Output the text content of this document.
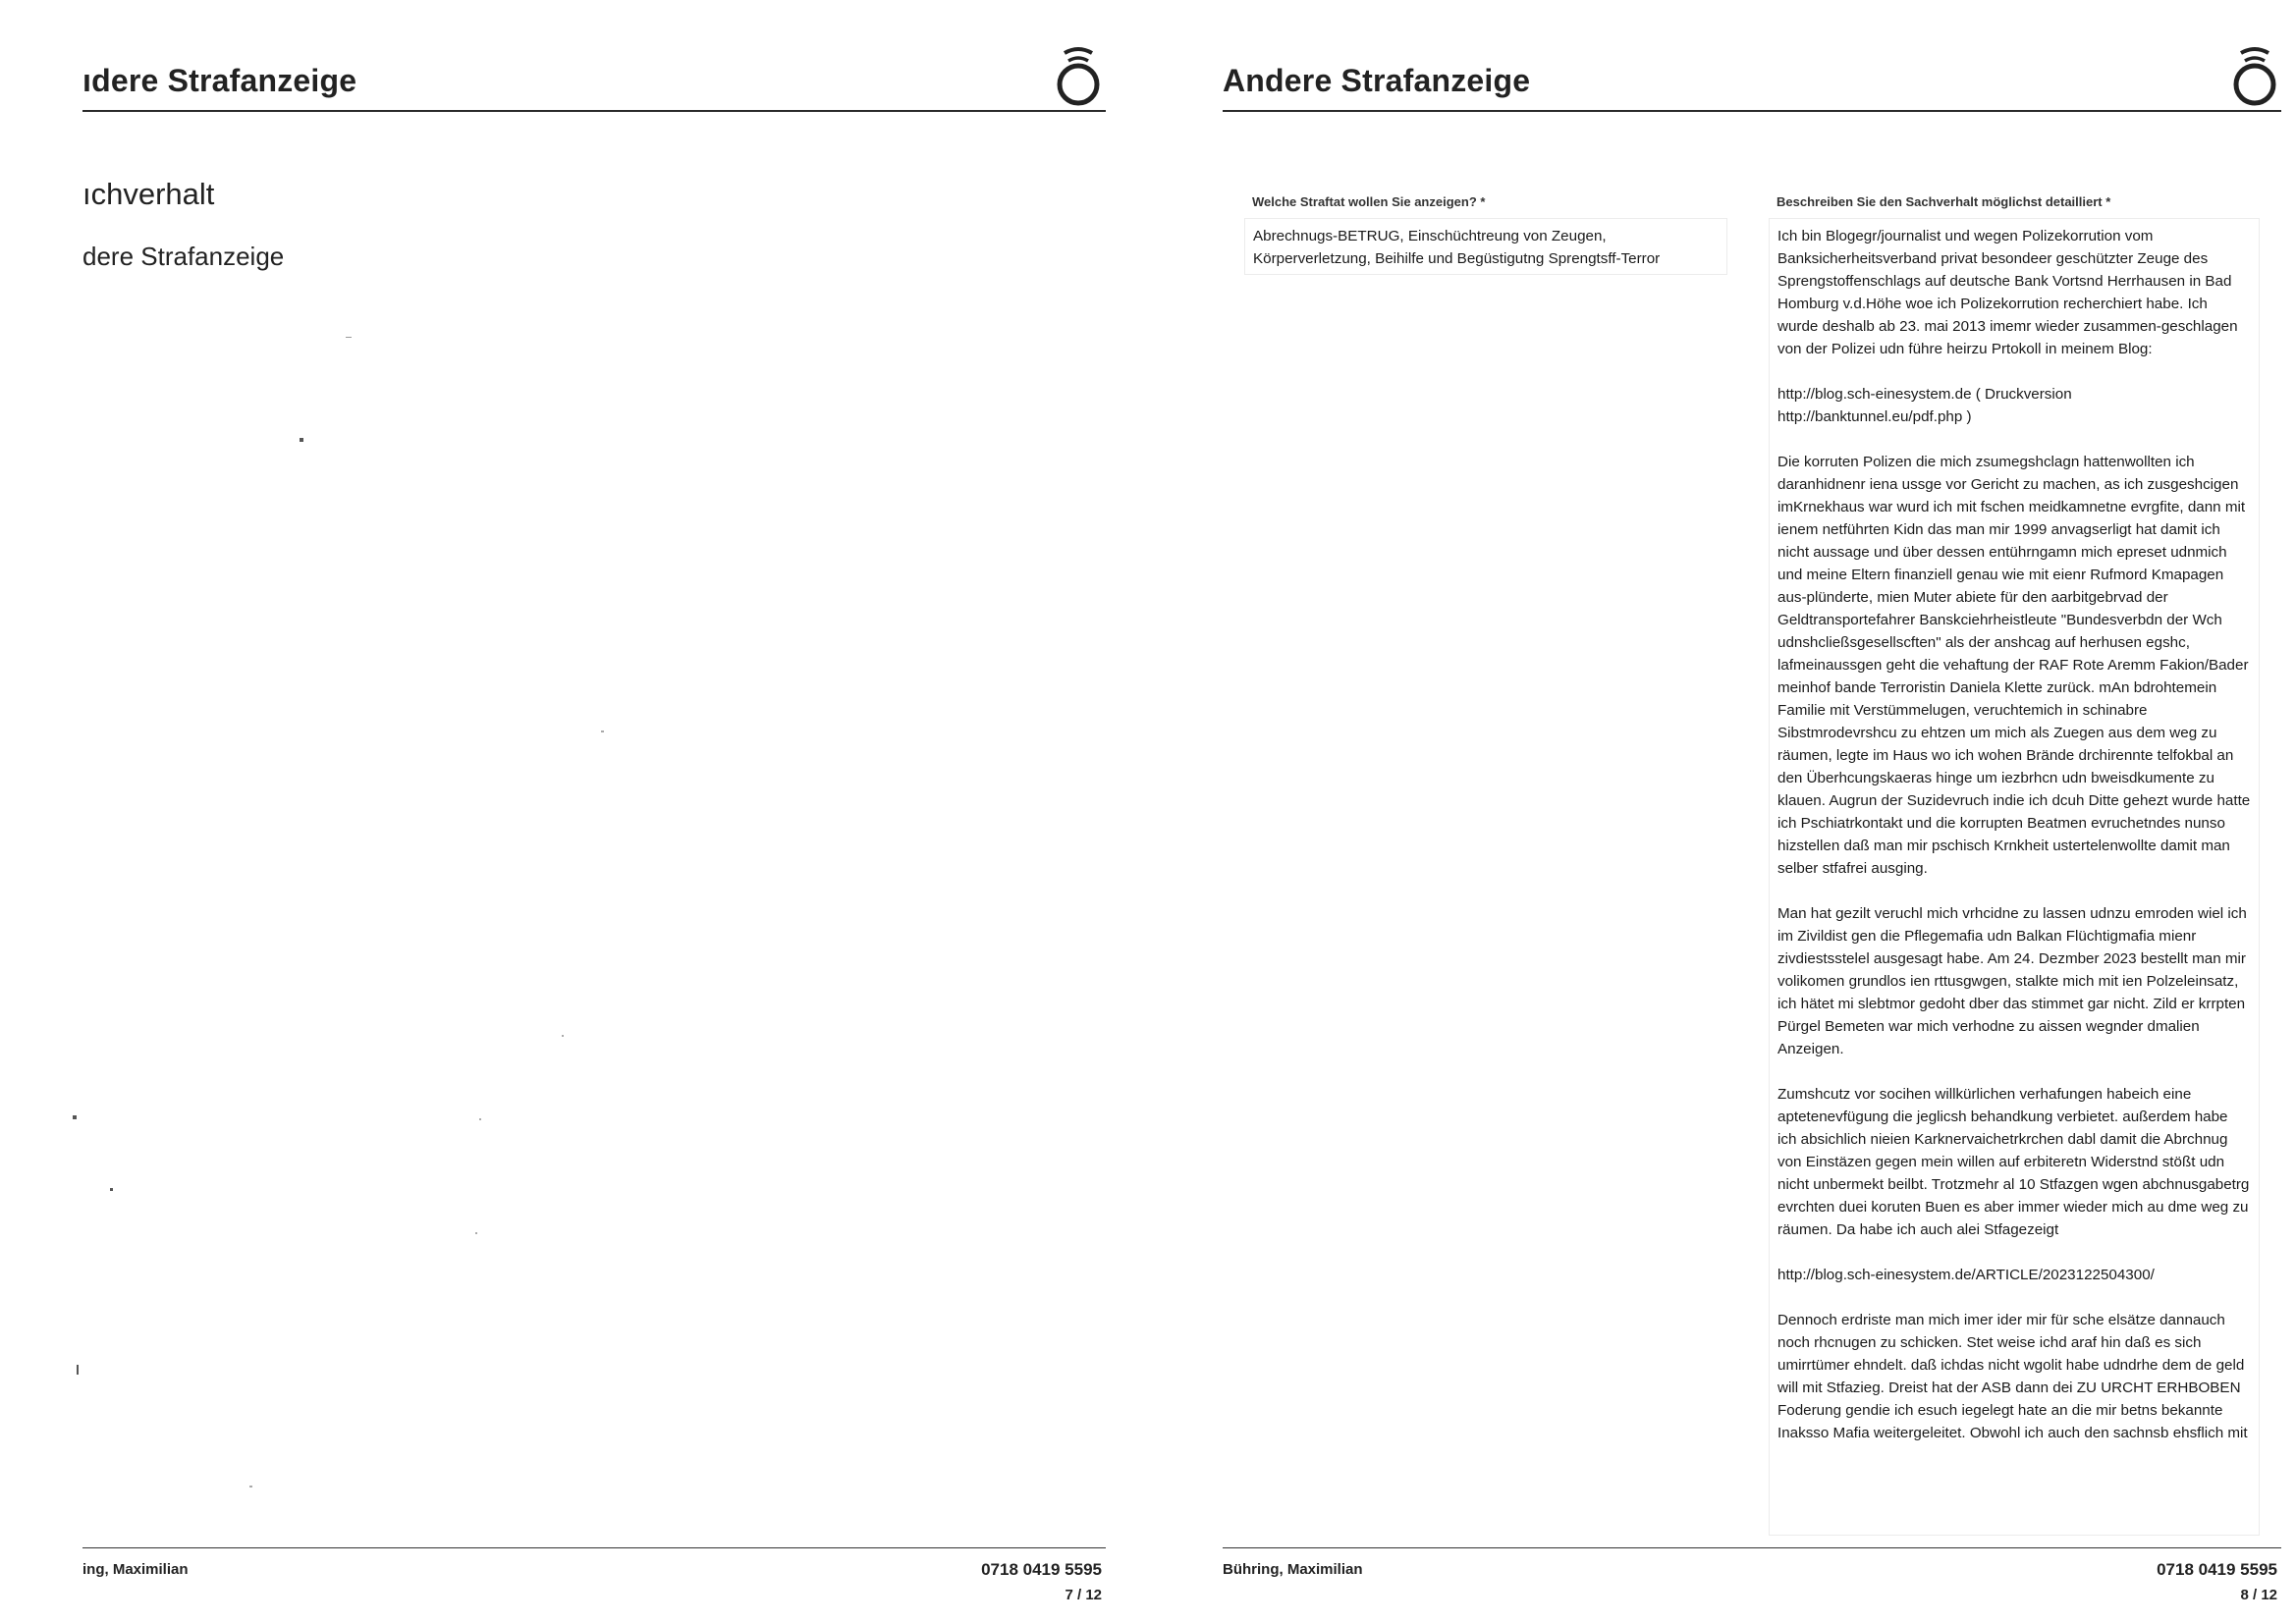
ıdere Strafanzeige
ıchverhalt
dere Strafanzeige
ing, Maximilian	0718 0419 5595
7 / 12
Andere Strafanzeige
Welche Straftat wollen Sie anzeigen? *
Abrechnugs-BETRUG, Einschüchtreung von Zeugen, Körperverletzung, Beihilfe und Begüstigutng Sprengtsff-Terror
Beschreiben Sie den Sachverhalt möglichst detailliert *

Ich bin Blogegr/journalist und wegen Polizekorrution vom Banksicherheitsverband privat besondeer geschützter Zeuge des Sprengstoffenschlags auf deutsche Bank Vortsnd Herrhausen in Bad Homburg v.d.Höhe woe ich Polizekorrution recherchiert habe. Ich wurde deshalb ab 23. mai 2013 imemr wieder zusammen-geschlagen von der Polizei udn führe heirzu Prtokoll in meinem Blog:

http://blog.sch-einesystem.de ( Druckversion http://banktunnel.eu/pdf.php )

Die korruten Polizen die mich zsumegshclagn hattenwollten ich daranhidnenr iena ussge vor Gericht zu machen, as ich zusgeshcigen imKrnekhaus war wurd ich mit fschen meidkamnetne evrgfite, dann mit ienem netführten Kidn das man mir 1999 anvagserligt hat damit ich nicht aussage und über dessen entührngamn mich epreset udnmich und meine Eltern finanziell genau wie mit eienr Rufmord Kmapagen aus-plünderte, mien Muter abiete für den aarbitgebrvad der Geldtransportefahrer Banskciehrheistleute "Bundesverbdn der Wch udnshcließsgesellscften" als der anshcag auf herhusen egshc, lafmeinaussgen geht die vehaftung der RAF Rote Aremm Fakion/Bader meinhof bande Terroristin Daniela Klette zurück. mAn bdrohtemein Familie mit Verstümmelugen, veruchtemich in schinabre Sibstmrodevrshcu zu ehtzen um mich als Zuegen aus dem weg zu räumen, legte im Haus wo ich wohen Brände drchirennte telfokbal an den Überhcungskaeras hinge um iezbrhcn udn bweisdkumente zu klauen. Augrun der Suzidevruch indie ich dcuh Ditte gehezt wurde hatte ich Pschiatrkontakt und die korrupten Beatmen evruchetndes nunso hizstellen daß man mir pschisch Krnkheit ustertelenwollte damit man selber stfafrei ausging.

Man hat gezilt veruchl mich vrhcidne zu lassen udnzu emroden wiel ich im Zivildist gen die Pflegemafia udn Balkan Flüchtigmafia mienr zivdiestsstelel ausgesagt habe. Am 24. Dezmber 2023 bestellt man mir volikomen grundlos ien rttusgwgen, stalkte mich mit ien Polzeleinsatz, ich hätet mi slebtmor gedoht dber das stimmet gar nicht. Zild er krrpten Pürgel Bemeten war mich verhodne zu aissen wegnder dmalien Anzeigen.

Zumshcutz vor socihen willkürlichen verhafungen habeich eine aptetenevfügung die jeglicsh behandkung verbietet. außerdem habe ich absichlich nieien Karknervaichetrkrchen dabl damit die Abrchnug von Einstäzen gegen mein willen auf erbiteretn Widerstnd stößt udn nicht unbermekt beilbt. Trotzmehr al 10 Stfazgen wgen abchnusgabetrg evrchten duei koruten Buen es aber immer wieder mich au dme weg zu räumen. Da habe ich auch alei Stfagezeigt

http://blog.sch-einesystem.de/ARTICLE/2023122504300/

Dennoch erdriste man mich imer ider mir für sche elsätze dannauch noch rhcnugen zu schicken. Stet weise ichd araf hin daß es sich umirrtümer ehndelt. daß ichdas nicht wgolit habe udndrhe dem de geld will mit Stfazieg. Dreist hat der ASB dann dei ZU URCHT ERHBOBEN Foderung gendie ich esuch iegelegt hate an die mir betns bekannte Inaksso Mafia weitergeleitet. Obwohl ich auch den sachnsb ehsflich mit

Bühring, Maximilian	0718 0419 5595
8 / 12
